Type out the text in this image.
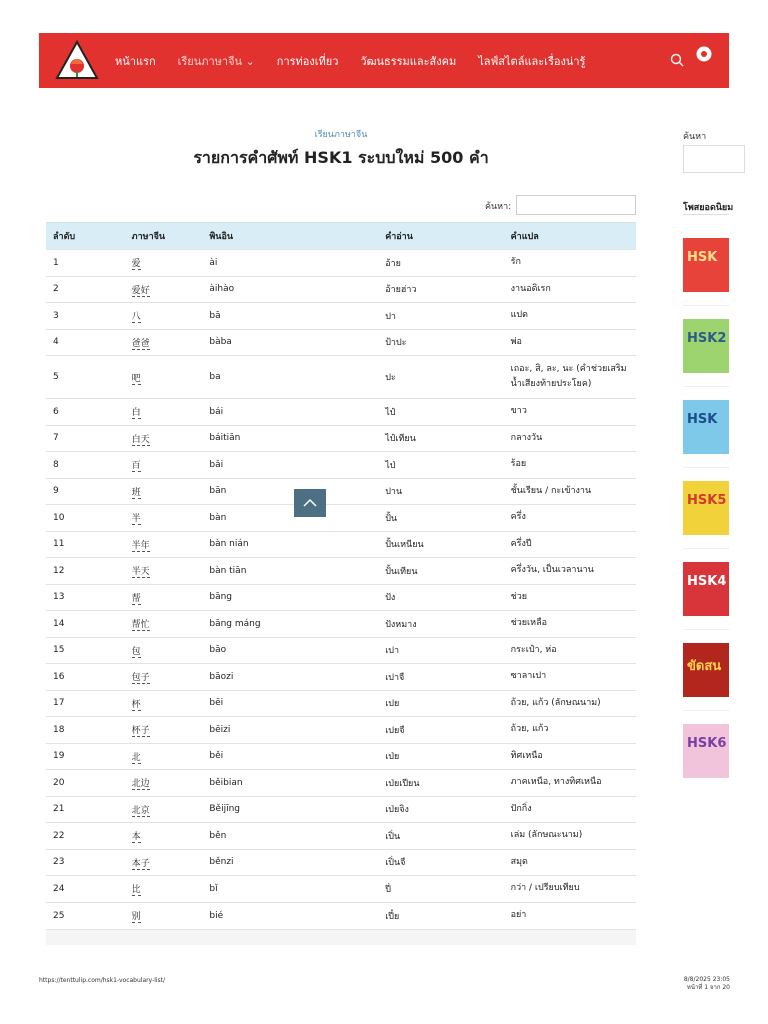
หน้าแรก เรียนภาษาจีน ⌄ การท่องเที่ยว วัฒนธรรมและสังคม ไลฟ์สไตล์และเรื่องน่ารู้
เรียนภาษาจีน
รายการคำศัพท์ HSK1 ระบบใหม่ 500 คำ
ค้นหา:
ลำดับ	ภาษาจีน	พินอิน	คำอ่าน	คำแปล
1	爱	ài	อ้าย	รัก
2	爱好	àihào	อ้ายฮ่าว	งานอดิเรก
3	八	bā	ปา	แปด
4	爸爸	bàba	ป้าปะ	พ่อ
5	吧	ba	ปะ	เถอะ, สิ, ละ, นะ (คำช่วยเสริมน้ำเสียงท้ายประโยค)
6	白	bái	ไป๋	ขาว
7	白天	báitiān	ไป๋เทียน	กลางวัน
8	百	bǎi	ไป่	ร้อย
9	班	bān	ปาน	ชั้นเรียน / กะเข้างาน
10	半	bàn	ปั้น	ครึ่ง
11	半年	bàn nián	ปั้นเหนียน	ครึ่งปี
12	半天	bàn tiān	ปั้นเทียน	ครึ่งวัน, เป็นเวลานาน
13	帮	bāng	ปัง	ช่วย
14	帮忙	bāng máng	ปังหมาง	ช่วยเหลือ
15	包	bāo	เปา	กระเป๋า, ห่อ
16	包子	bāozi	เปาจื	ซาลาเปา
17	杯	bēi	เปย	ถ้วย, แก้ว (ลักษณนาม)
18	杯子	bēizi	เปยจื	ถ้วย, แก้ว
19	北	běi	เป่ย	ทิศเหนือ
20	北边	běibian	เป่ยเปียน	ภาคเหนือ, ทางทิศเหนือ
21	北京	Běijīng	เป่ยจิง	ปักกิ่ง
22	本	běn	เปิ่น	เล่ม (ลักษณะนาม)
23	本子	běnzi	เปิ่นจื	สมุด
24	比	bǐ	ปี่	กว่า / เปรียบเทียบ
25	别	bié	เปี๋ย	อย่า
ค้นหา
โพสยอดนิยม
HSK
HSK2
HSK
HSK5
HSK4
ขัดสน
HSK6
https://tenttulip.com/hsk1-vocabulary-list/	8/8/2025 23:05
หน้าที่ 1 จาก 20
